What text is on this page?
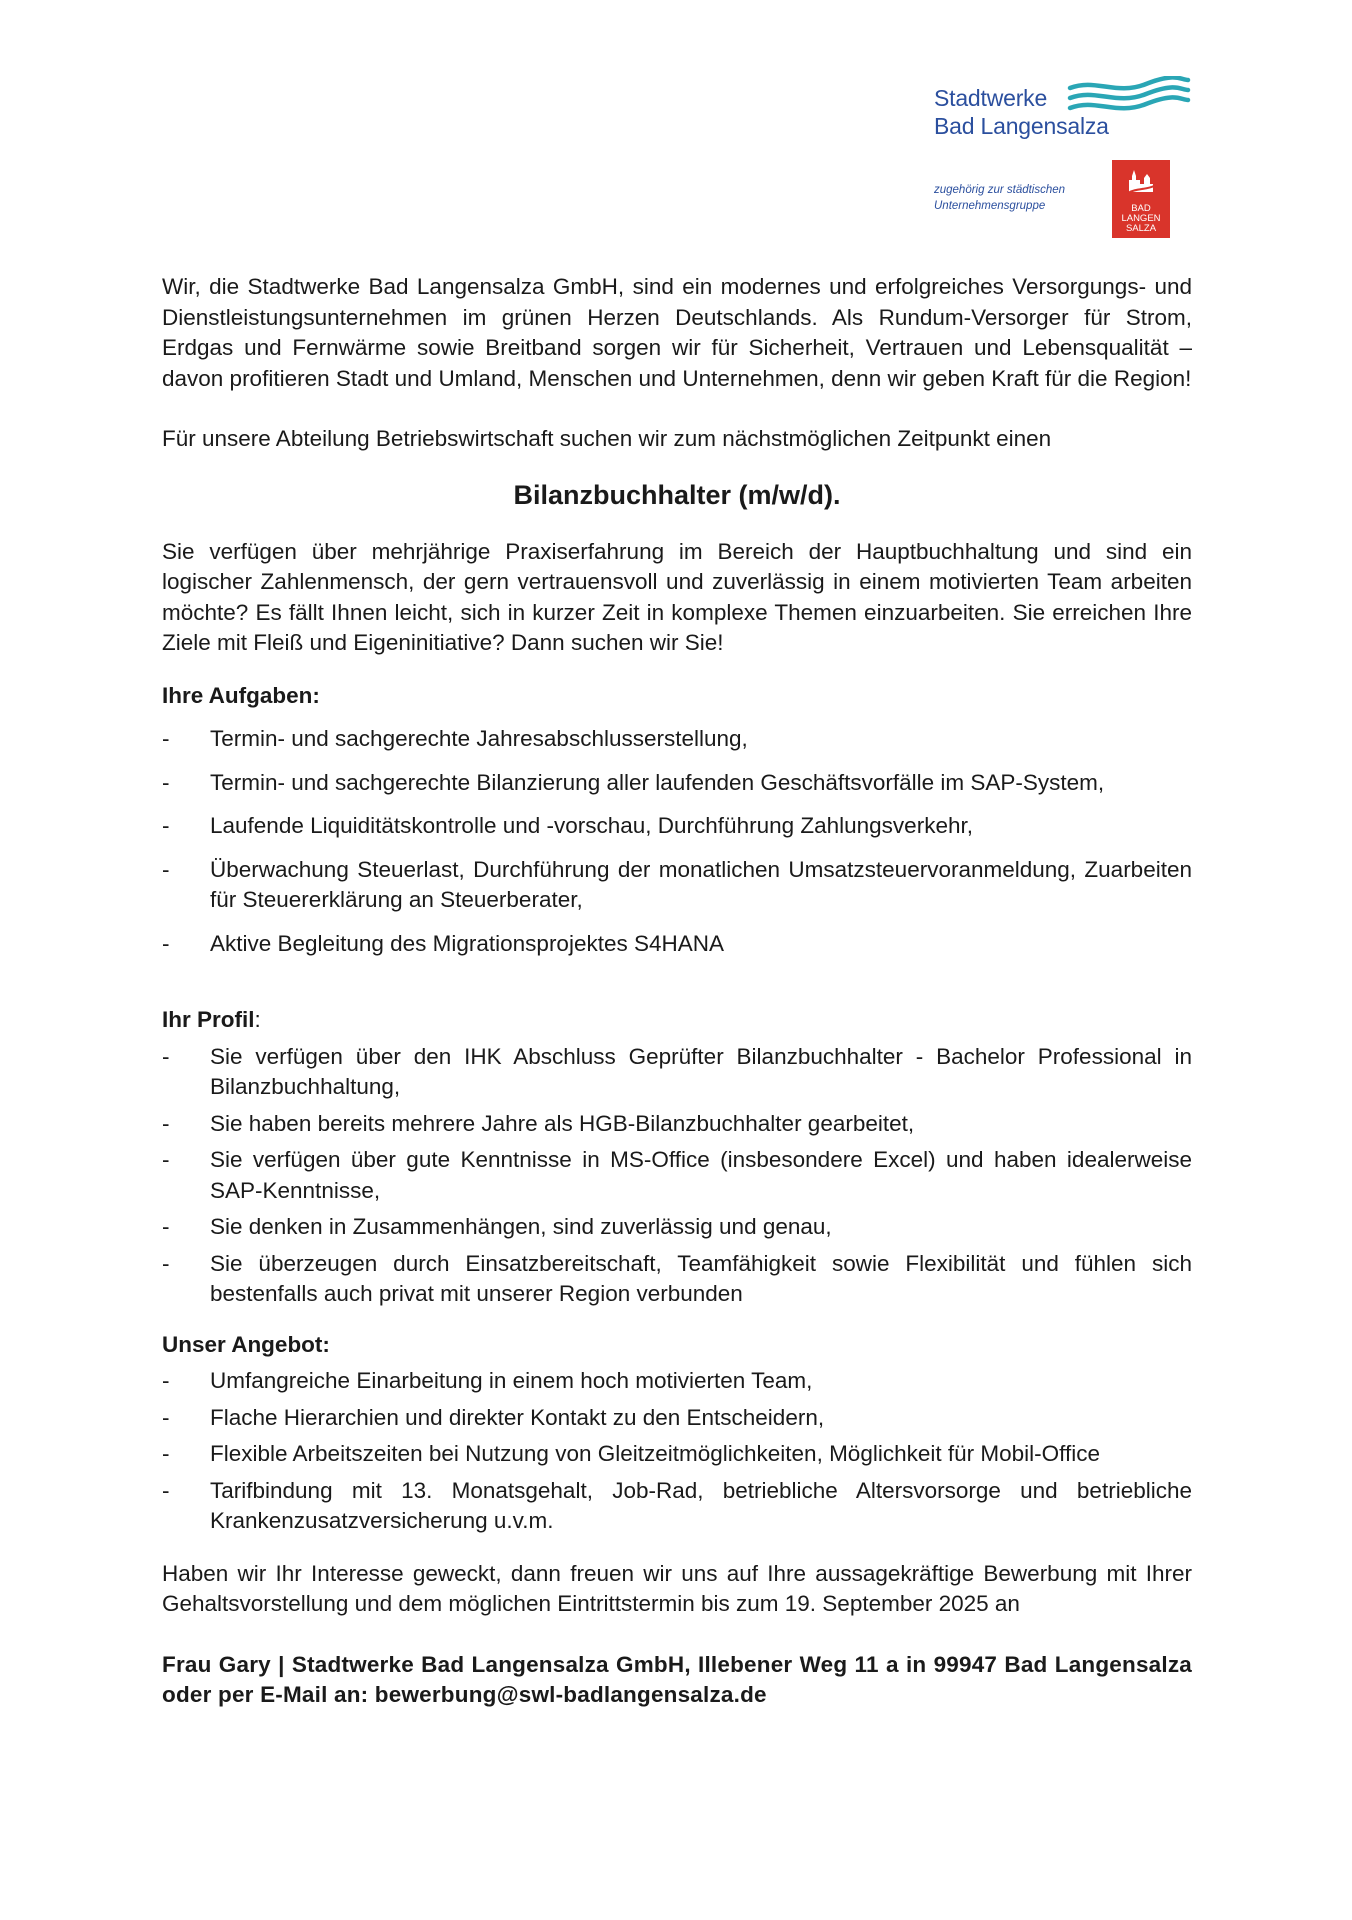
Stadtwerke
Bad Langensalza
zugehörig zur städtischen
Unternehmensgruppe	BAD
LANGEN
SALZA

Wir, die Stadtwerke Bad Langensalza GmbH, sind ein modernes und erfolgreiches Versorgungs- und Dienstleistungsunternehmen im grünen Herzen Deutschlands. Als Rundum-Versorger für Strom, Erdgas und Fernwärme sowie Breitband sorgen wir für Sicherheit, Vertrauen und Lebensqualität – davon profitieren Stadt und Umland, Menschen und Unternehmen, denn wir geben Kraft für die Region!

Für unsere Abteilung Betriebswirtschaft suchen wir zum nächstmöglichen Zeitpunkt einen

Bilanzbuchhalter (m/w/d).

Sie verfügen über mehrjährige Praxiserfahrung im Bereich der Hauptbuchhaltung und sind ein logischer Zahlenmensch, der gern vertrauensvoll und zuverlässig in einem motivierten Team arbeiten möchte? Es fällt Ihnen leicht, sich in kurzer Zeit in komplexe Themen einzuarbeiten. Sie erreichen Ihre Ziele mit Fleiß und Eigeninitiative? Dann suchen wir Sie!

Ihre Aufgaben:

- Termin- und sachgerechte Jahresabschlusserstellung,
- Termin- und sachgerechte Bilanzierung aller laufenden Geschäftsvorfälle im SAP-System,
- Laufende Liquiditätskontrolle und -vorschau, Durchführung Zahlungsverkehr,
- Überwachung Steuerlast, Durchführung der monatlichen Umsatzsteuervoranmeldung, Zuarbeiten für Steuererklärung an Steuerberater,
- Aktive Begleitung des Migrationsprojektes S4HANA

Ihr Profil:

- Sie verfügen über den IHK Abschluss Geprüfter Bilanzbuchhalter - Bachelor Professional in Bilanzbuchhaltung,
- Sie haben bereits mehrere Jahre als HGB-Bilanzbuchhalter gearbeitet,
- Sie verfügen über gute Kenntnisse in MS-Office (insbesondere Excel) und haben idealerweise SAP-Kenntnisse,
- Sie denken in Zusammenhängen, sind zuverlässig und genau,
- Sie überzeugen durch Einsatzbereitschaft, Teamfähigkeit sowie Flexibilität und fühlen sich bestenfalls auch privat mit unserer Region verbunden

Unser Angebot:

- Umfangreiche Einarbeitung in einem hoch motivierten Team,
- Flache Hierarchien und direkter Kontakt zu den Entscheidern,
- Flexible Arbeitszeiten bei Nutzung von Gleitzeitmöglichkeiten, Möglichkeit für Mobil-Office
- Tarifbindung mit 13. Monatsgehalt, Job-Rad, betriebliche Altersvorsorge und betriebliche Krankenzusatzversicherung u.v.m.

Haben wir Ihr Interesse geweckt, dann freuen wir uns auf Ihre aussagekräftige Bewerbung mit Ihrer Gehaltsvorstellung und dem möglichen Eintrittstermin bis zum 19. September 2025 an

Frau Gary | Stadtwerke Bad Langensalza GmbH, Illebener Weg 11 a in 99947 Bad Langensalza oder per E-Mail an: bewerbung@swl-badlangensalza.de
